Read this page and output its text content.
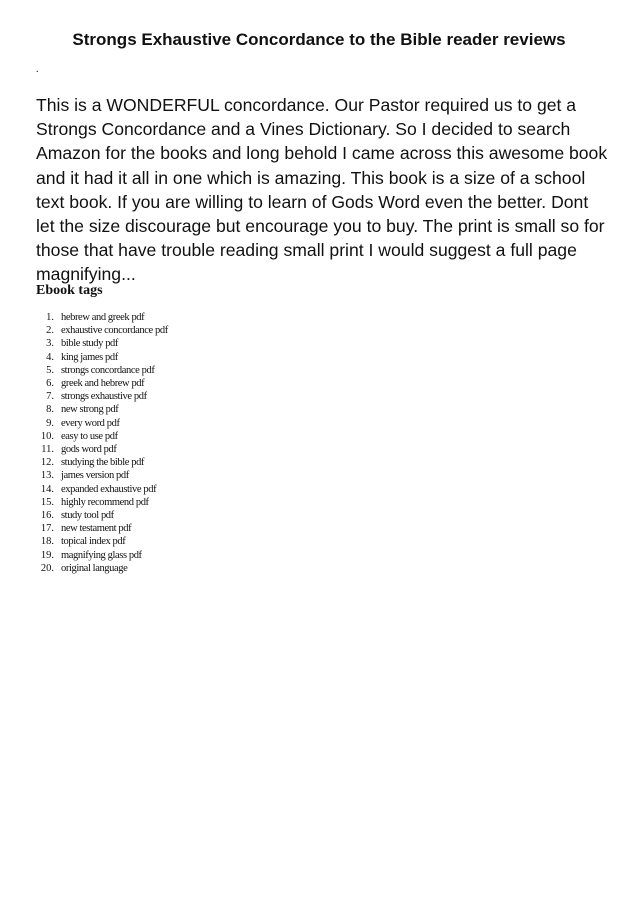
Strongs Exhaustive Concordance to the Bible reader reviews
.

This is a WONDERFUL concordance. Our Pastor required us to get a Strongs Concordance and a Vines Dictionary. So I decided to search Amazon for the books and long behold I came across this awesome book and it had it all in one which is amazing. This book is a size of a school text book. If you are willing to learn of Gods Word even the better. Dont let the size discourage but encourage you to buy. The print is small so for those that have trouble reading small print I would suggest a full page magnifying...

Ebook tags
1. hebrew and greek pdf
2. exhaustive concordance pdf
3. bible study pdf
4. king james pdf
5. strongs concordance pdf
6. greek and hebrew pdf
7. strongs exhaustive pdf
8. new strong pdf
9. every word pdf
10. easy to use pdf
11. gods word pdf
12. studying the bible pdf
13. james version pdf
14. expanded exhaustive pdf
15. highly recommend pdf
16. study tool pdf
17. new testament pdf
18. topical index pdf
19. magnifying glass pdf
20. original language
